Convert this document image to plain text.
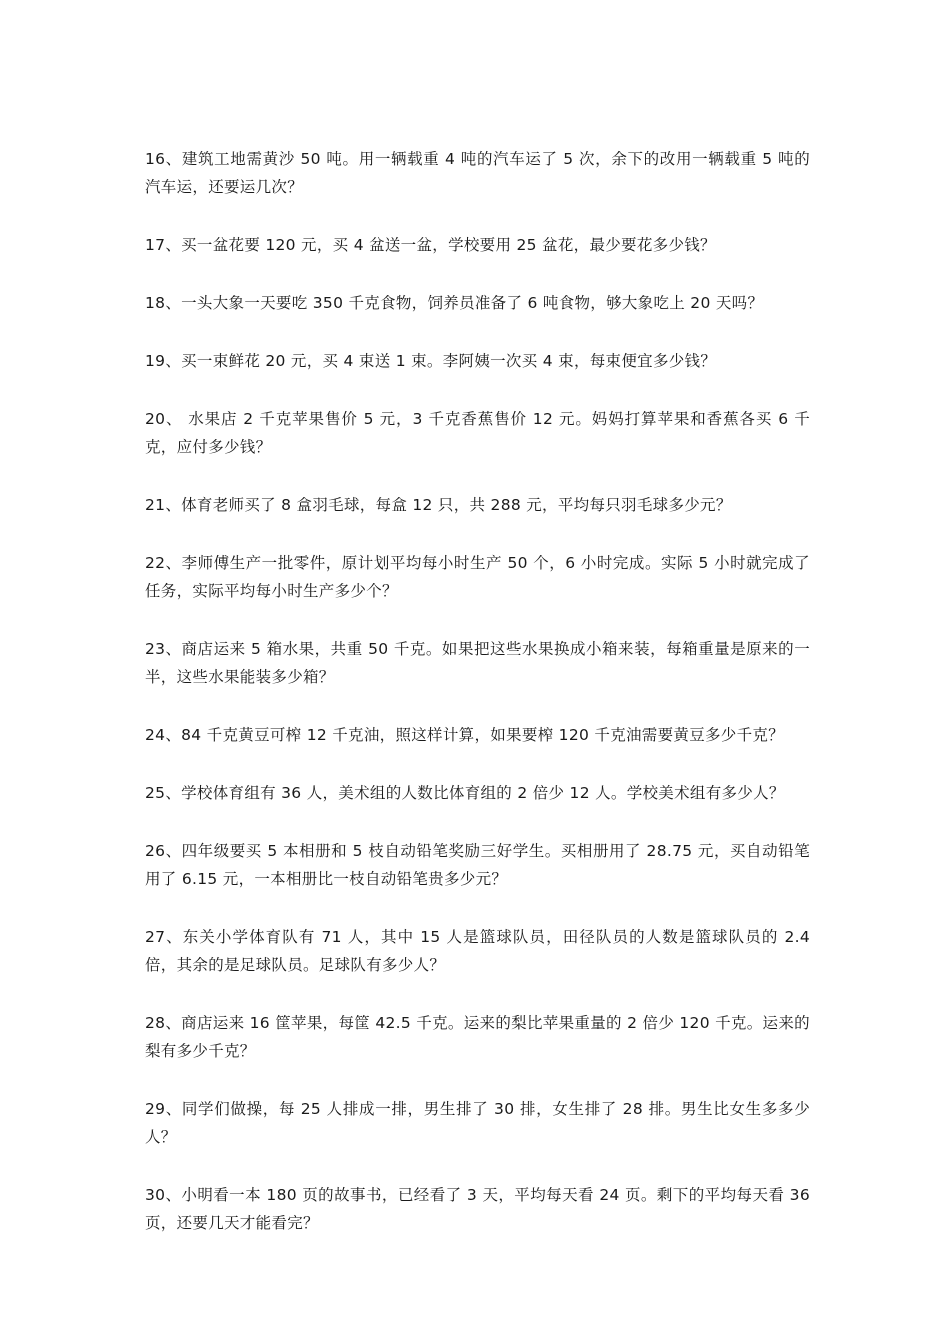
16、建筑工地需黄沙 50 吨。用一辆载重 4 吨的汽车运了 5 次，余下的改用一辆载重 5 吨的汽车运，还要运几次？
17、买一盆花要 120 元，买 4 盆送一盆，学校要用 25 盆花，最少要花多少钱？
18、一头大象一天要吃 350 千克食物，饲养员准备了 6 吨食物，够大象吃上 20 天吗？
19、买一束鲜花 20 元，买 4 束送 1 束。李阿姨一次买 4 束，每束便宜多少钱？
20、 水果店 2 千克苹果售价 5 元，3 千克香蕉售价 12 元。妈妈打算苹果和香蕉各买 6 千克，应付多少钱？
21、体育老师买了 8 盒羽毛球，每盒 12 只，共 288 元，平均每只羽毛球多少元？
22、李师傅生产一批零件，原计划平均每小时生产 50 个，6 小时完成。实际 5 小时就完成了任务，实际平均每小时生产多少个？
23、商店运来 5 箱水果，共重 50 千克。如果把这些水果换成小箱来装，每箱重量是原来的一半，这些水果能装多少箱？
24、84 千克黄豆可榨 12 千克油，照这样计算，如果要榨 120 千克油需要黄豆多少千克？
25、学校体育组有 36 人，美术组的人数比体育组的 2 倍少 12 人。学校美术组有多少人？
26、四年级要买 5 本相册和 5 枝自动铅笔奖励三好学生。买相册用了 28.75 元，买自动铅笔用了 6.15 元，一本相册比一枝自动铅笔贵多少元？
27、东关小学体育队有 71 人，其中 15 人是篮球队员，田径队员的人数是篮球队员的 2.4 倍，其余的是足球队员。足球队有多少人？
28、商店运来 16 筐苹果，每筐 42.5 千克。运来的梨比苹果重量的 2 倍少 120 千克。运来的梨有多少千克？
29、同学们做操，每 25 人排成一排，男生排了 30 排，女生排了 28 排。男生比女生多多少人？
30、小明看一本 180 页的故事书，已经看了 3 天，平均每天看 24 页。剩下的平均每天看 36 页，还要几天才能看完？
